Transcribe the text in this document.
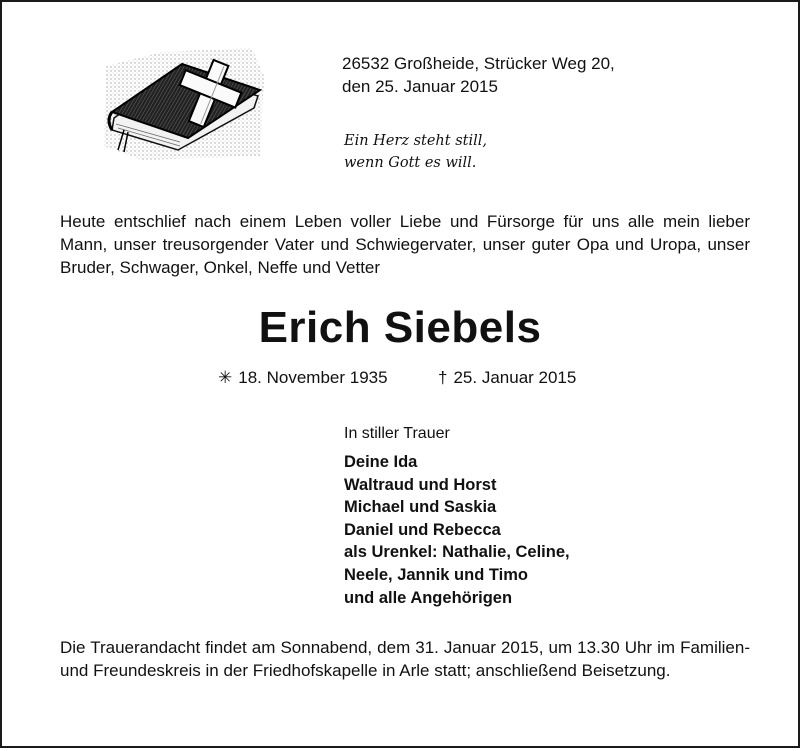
26532 Großheide, Strücker Weg 20,
den 25. Januar 2015
Ein Herz steht still,
wenn Gott es will.
Heute entschlief nach einem Leben voller Liebe und Fürsorge für uns alle mein lieber Mann, unser treusorgender Vater und Schwiegervater, unser guter Opa und Uropa, unser Bruder, Schwager, Onkel, Neffe und Vetter
Erich Siebels
✳ 18. November 1935	† 25. Januar 2015
In stiller Trauer
Deine Ida
Waltraud und Horst
Michael und Saskia
Daniel und Rebecca
als Urenkel: Nathalie, Celine,
Neele, Jannik und Timo
und alle Angehörigen
Die Trauerandacht findet am Sonnabend, dem 31. Januar 2015, um 13.30 Uhr im Familien- und Freundeskreis in der Friedhofskapelle in Arle statt; anschließend Beisetzung.
